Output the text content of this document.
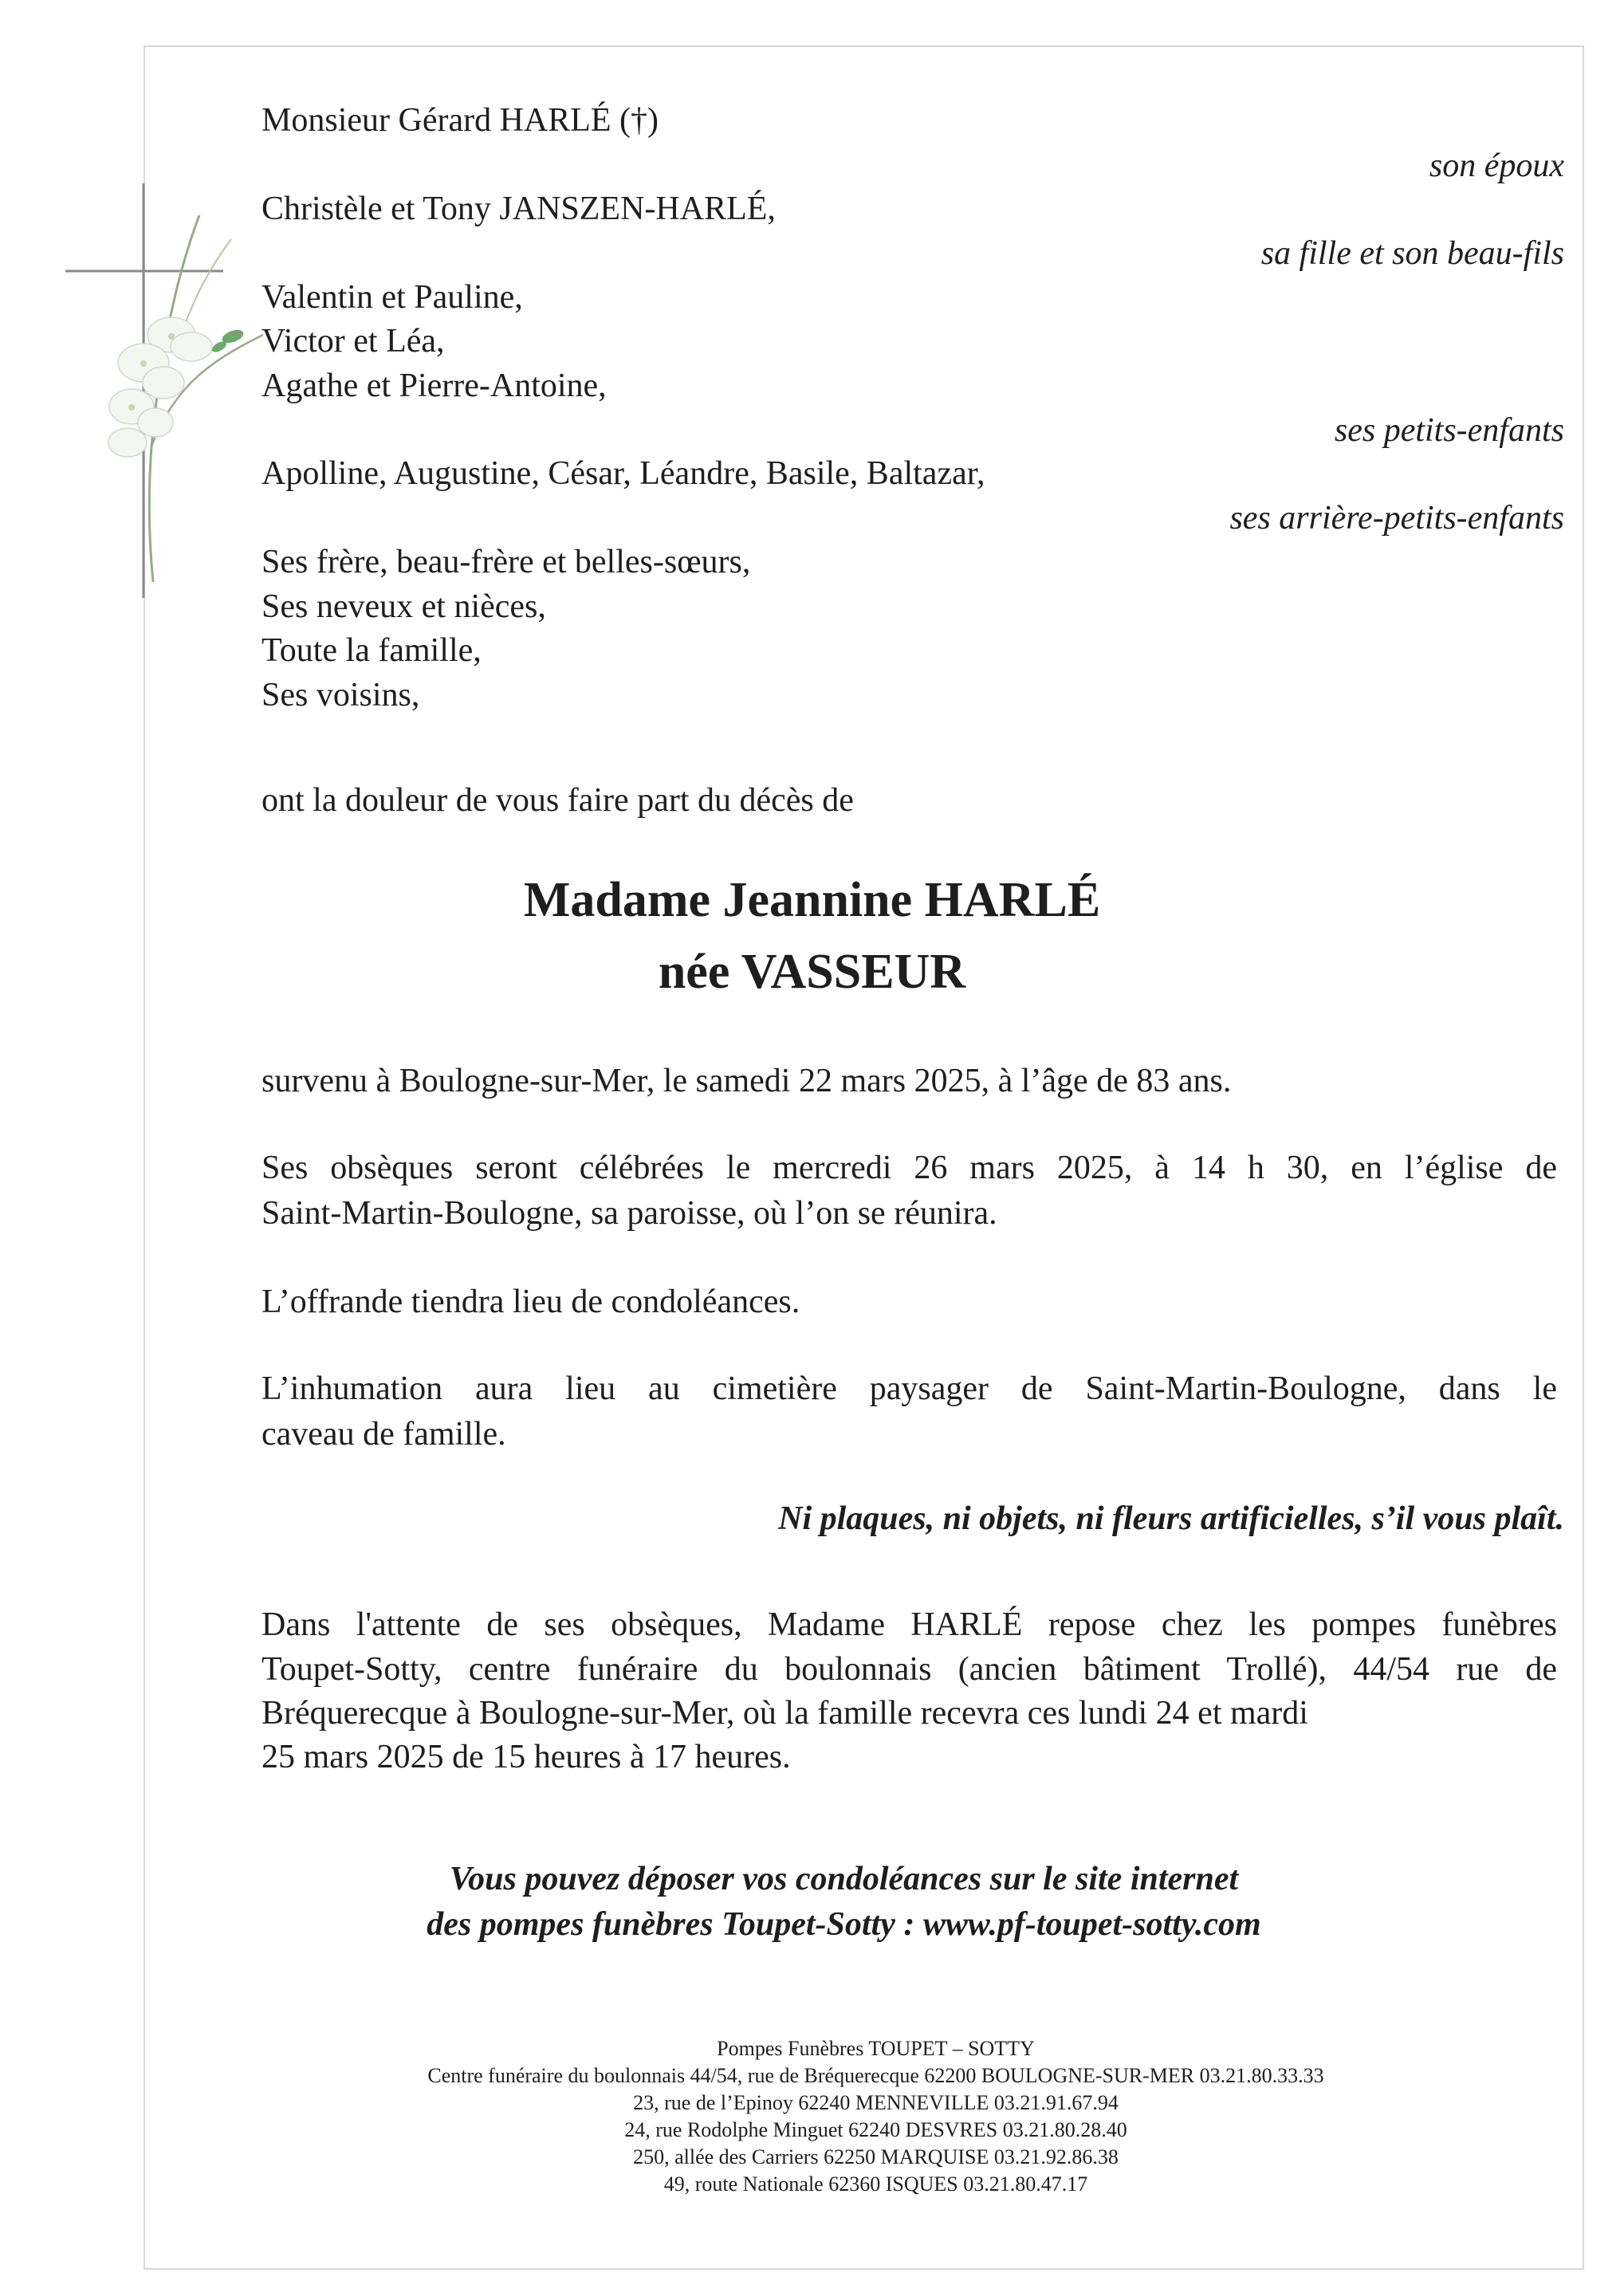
Monsieur Gérard HARLÉ (†)
son époux
Christèle et Tony JANSZEN-HARLÉ,
sa fille et son beau-fils
Valentin et Pauline,
Victor et Léa,
Agathe et Pierre-Antoine,
ses petits-enfants
Apolline, Augustine, César, Léandre, Basile, Baltazar,
ses arrière-petits-enfants
Ses frère, beau-frère et belles-sœurs,
Ses neveux et nièces,
Toute la famille,
Ses voisins,
ont la douleur de vous faire part du décès de
Madame Jeannine HARLÉ
née VASSEUR
survenu à Boulogne-sur-Mer, le samedi 22 mars 2025, à l’âge de 83 ans.
Ses obsèques seront célébrées le mercredi 26 mars 2025, à 14 h 30, en l’église de
Saint-Martin-Boulogne, sa paroisse, où l’on se réunira.
L’offrande tiendra lieu de condoléances.
L’inhumation aura lieu au cimetière paysager de Saint-Martin-Boulogne, dans le
caveau de famille.
Ni plaques, ni objets, ni fleurs artificielles, s’il vous plaît.
Dans l'attente de ses obsèques, Madame HARLÉ repose chez les pompes funèbres
Toupet-Sotty, centre funéraire du boulonnais (ancien bâtiment Trollé), 44/54 rue de
Bréquerecque à Boulogne-sur-Mer, où la famille recevra ces lundi 24 et mardi
25 mars 2025 de 15 heures à 17 heures.
Vous pouvez déposer vos condoléances sur le site internet
des pompes funèbres Toupet-Sotty : www.pf-toupet-sotty.com
Pompes Funèbres TOUPET – SOTTY
Centre funéraire du boulonnais 44/54, rue de Bréquerecque 62200 BOULOGNE-SUR-MER 03.21.80.33.33
23, rue de l’Epinoy 62240 MENNEVILLE 03.21.91.67.94
24, rue Rodolphe Minguet 62240 DESVRES 03.21.80.28.40
250, allée des Carriers 62250 MARQUISE 03.21.92.86.38
49, route Nationale 62360 ISQUES 03.21.80.47.17
